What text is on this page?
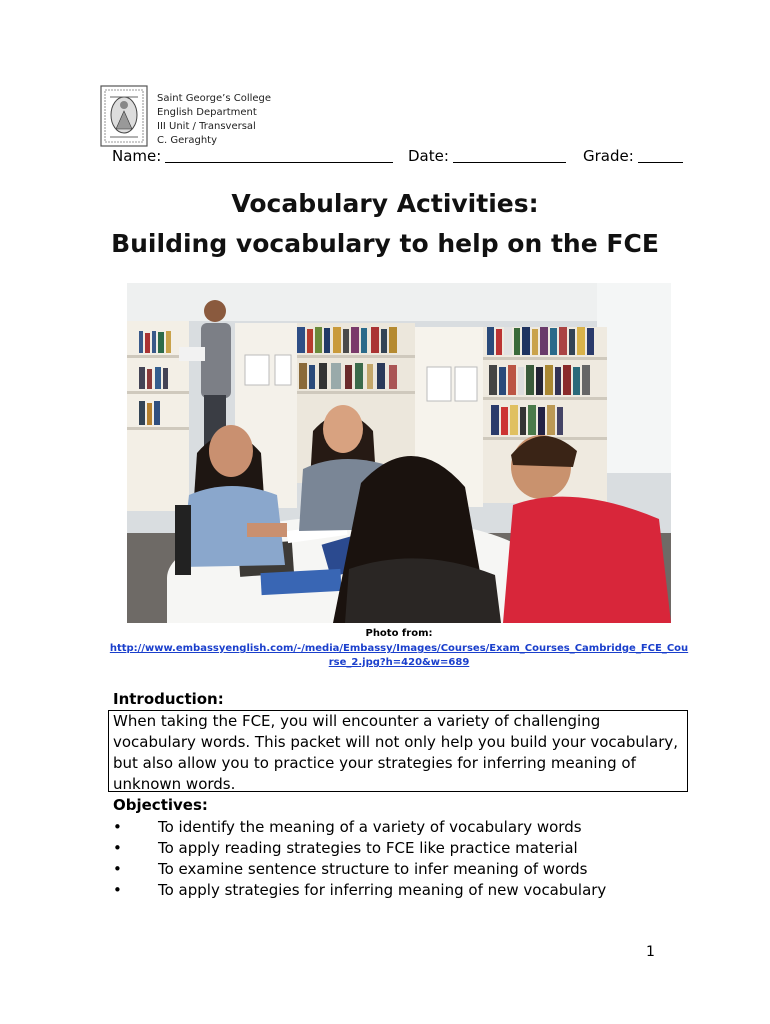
Saint George’s College
English Department
III Unit / Transversal
C. Geraghty
Name:	Date:	Grade:
Vocabulary Activities:
Building vocabulary to help on the FCE
Photo from:
http://www.embassyenglish.com/-/media/Embassy/Images/Courses/Exam_Courses_Cambridge_FCE_Course_2.jpg?h=420&w=689
Introduction:
When taking the FCE, you will encounter a variety of challenging vocabulary words. This packet will not only help you build your vocabulary, but also allow you to practice your strategies for inferring meaning of unknown words.
Objectives:
• To identify the meaning of a variety of vocabulary words
• To apply reading strategies to FCE like practice material
• To examine sentence structure to infer meaning of words
• To apply strategies for inferring meaning of new vocabulary
1
